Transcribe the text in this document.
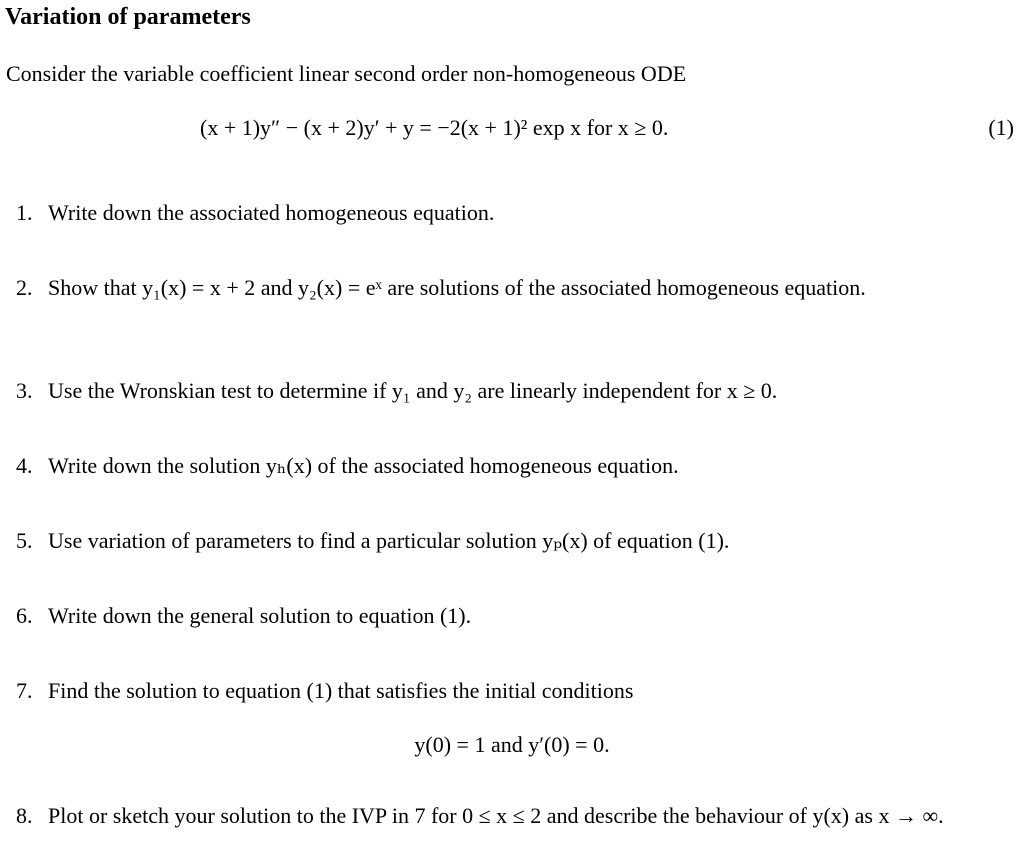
Variation of parameters
Consider the variable coefficient linear second order non-homogeneous ODE
(x + 1)y″ − (x + 2)y′ + y = −2(x + 1)² exp x for x ≥ 0.	(1)
1. Write down the associated homogeneous equation.
2. Show that y₁(x) = x + 2 and y₂(x) = eˣ are solutions of the associated homogeneous equation.
3. Use the Wronskian test to determine if y₁ and y₂ are linearly independent for x ≥ 0.
4. Write down the solution yₕ(x) of the associated homogeneous equation.
5. Use variation of parameters to find a particular solution yₚ(x) of equation (1).
6. Write down the general solution to equation (1).
7. Find the solution to equation (1) that satisfies the initial conditions
y(0) = 1 and y′(0) = 0.
8. Plot or sketch your solution to the IVP in 7 for 0 ≤ x ≤ 2 and describe the behaviour of y(x) as x → ∞.
